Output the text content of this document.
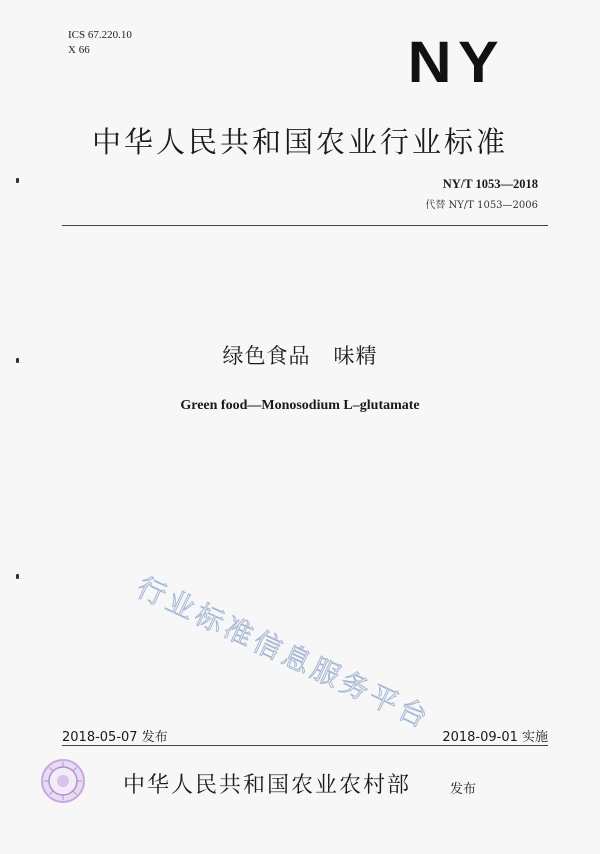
ICS 67.220.10
X 66	NY
中华人民共和国农业行业标准
NY/T 1053—2018
代替 NY/T 1053—2006
绿色食品   味精
Green food—Monosodium L–glutamate
行业标准信息服务平台
2018-05-07 发布	2018-09-01 实施
中华人民共和国农业农村部	发布
